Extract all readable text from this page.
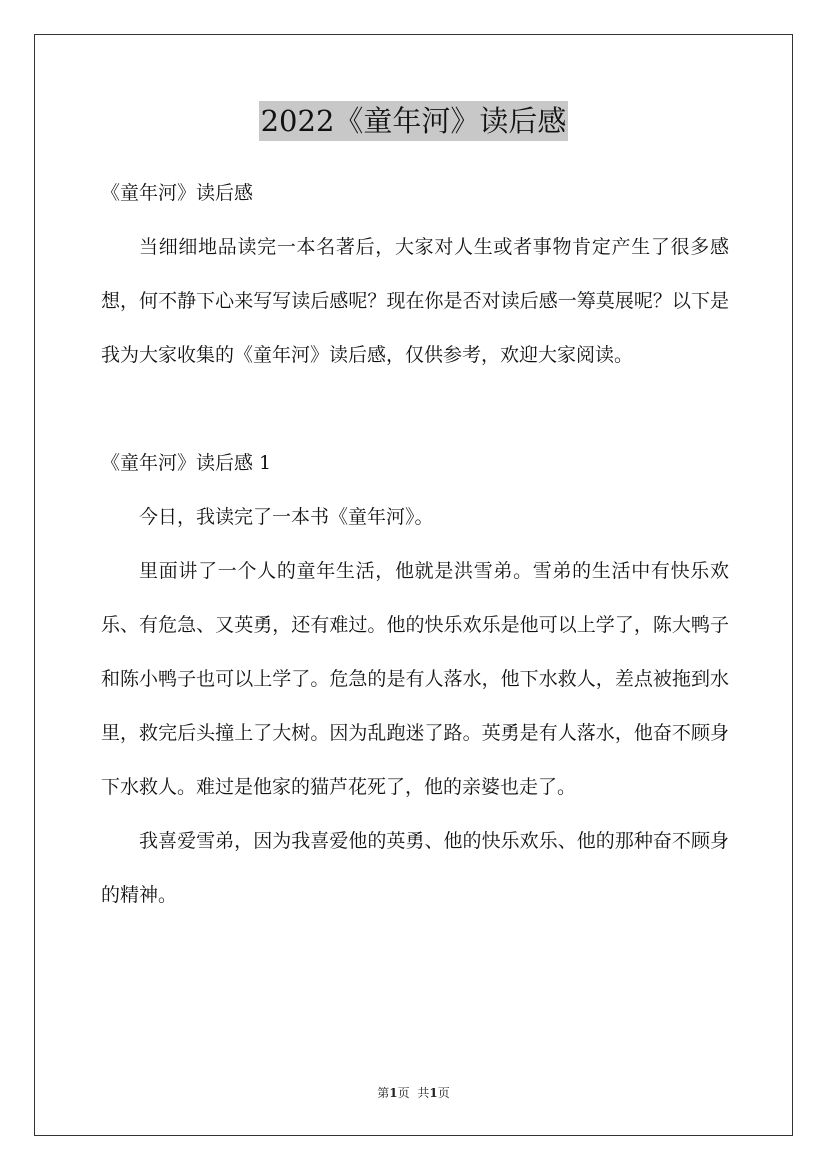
2022《童年河》读后感

《童年河》读后感

当细细地品读完一本名著后，大家对人生或者事物肯定产生了很多感想，何不静下心来写写读后感呢？现在你是否对读后感一筹莫展呢？以下是我为大家收集的《童年河》读后感，仅供参考，欢迎大家阅读。

《童年河》读后感 1

今日，我读完了一本书《童年河》。

里面讲了一个人的童年生活，他就是洪雪弟。雪弟的生活中有快乐欢乐、有危急、又英勇，还有难过。他的快乐欢乐是他可以上学了，陈大鸭子和陈小鸭子也可以上学了。危急的是有人落水，他下水救人，差点被拖到水里，救完后头撞上了大树。因为乱跑迷了路。英勇是有人落水，他奋不顾身下水救人。难过是他家的猫芦花死了，他的亲婆也走了。

我喜爱雪弟，因为我喜爱他的英勇、他的快乐欢乐、他的那种奋不顾身的精神。

第1页 共1页
